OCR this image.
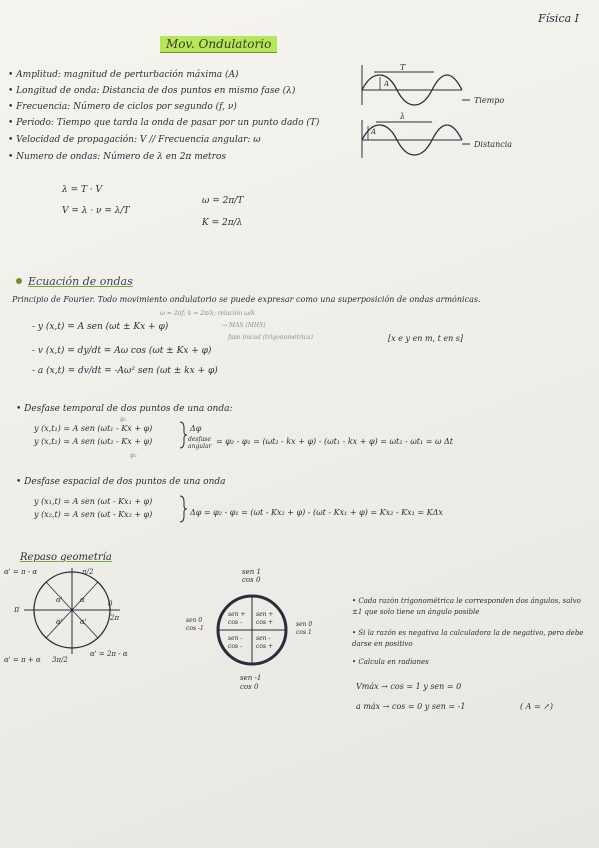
Mov. Ondulatorio
Física I
• Amplitud: magnitud de perturbación máxima (A)
• Longitud de onda: Distancia de dos puntos en mismo fase (λ)
• Frecuencia: Número de ciclos por segundo (f, ν)
• Periodo: Tiempo que tarda la onda de pasar por un punto dado (T)
• Velocidad de propagación: V // Frecuencia angular: ω
• Numero de ondas: Número de λ en 2π metros
T
A
Tiempo
λ
A
Distancia
λ = T · V
V = λ · ν = λ/T
ω = 2π/T
K = 2π/λ
Ecuación de ondas
Principio de Fourier. Todo movimiento ondulatorio se puede expresar como una superposición de ondas armónicas.
ω = 2πf; k = 2π/λ; relación ω/k
- y (x,t) = A sen (ωt ± Kx + φ)	→ MAS (MHS)
fase inicial (trigonométrica)	[x e y en m, t en s]
- v (x,t) = dy/dt = Aω cos (ωt ± Kx + φ)
- a (x,t) = dv/dt = -Aω² sen (ωt ± kx + φ)
• Desfase temporal de dos puntos de una onda:
y (x,t₁) = A sen (ωt₁ - Kx + φ)
y (x,t₂) = A sen (ωt₂ - Kx + φ)
φ₁
φ₂
Δφ
desfase angular
= φ₂ - φ₁ = (ωt₂ - kx + φ) - (ωt₁ - kx + φ) = ωt₂ - ωt₁ = ω Δt
• Desfase espacial de dos puntos de una onda
y (x₁,t) = A sen (ωt - Kx₁ + φ)
y (x₂,t) = A sen (ωt - Kx₂ + φ)	Δφ = φ₂ - φ₁ = (ωt - Kx₂ + φ) - (ωt - Kx₁ + φ) = Kx₂ - Kx₁ = KΔx
Repaso geometría
α' = π - α	π/2
π
0
2π
α' = π + α 3π/2
α' = 2π - α
α
α'
α' α'
sen 1
cos 0
sen 0
cos -1
sen 0
cos 1
sen +
cos -
sen +
cos +
sen -
cos -
sen -
cos +
sen -1
cos 0
• Cada razón trigonométrica le corresponden dos ángulos, salvo ±1 que solo tiene un ángulo posible
• Si la razón es negativa la calculadora la de negativo, pero debe darse en positivo
• Calcula en radianes
Vmáx → cos = 1 y sen = 0
a máx → cos = 0 y sen = -1	( A = ↗)
